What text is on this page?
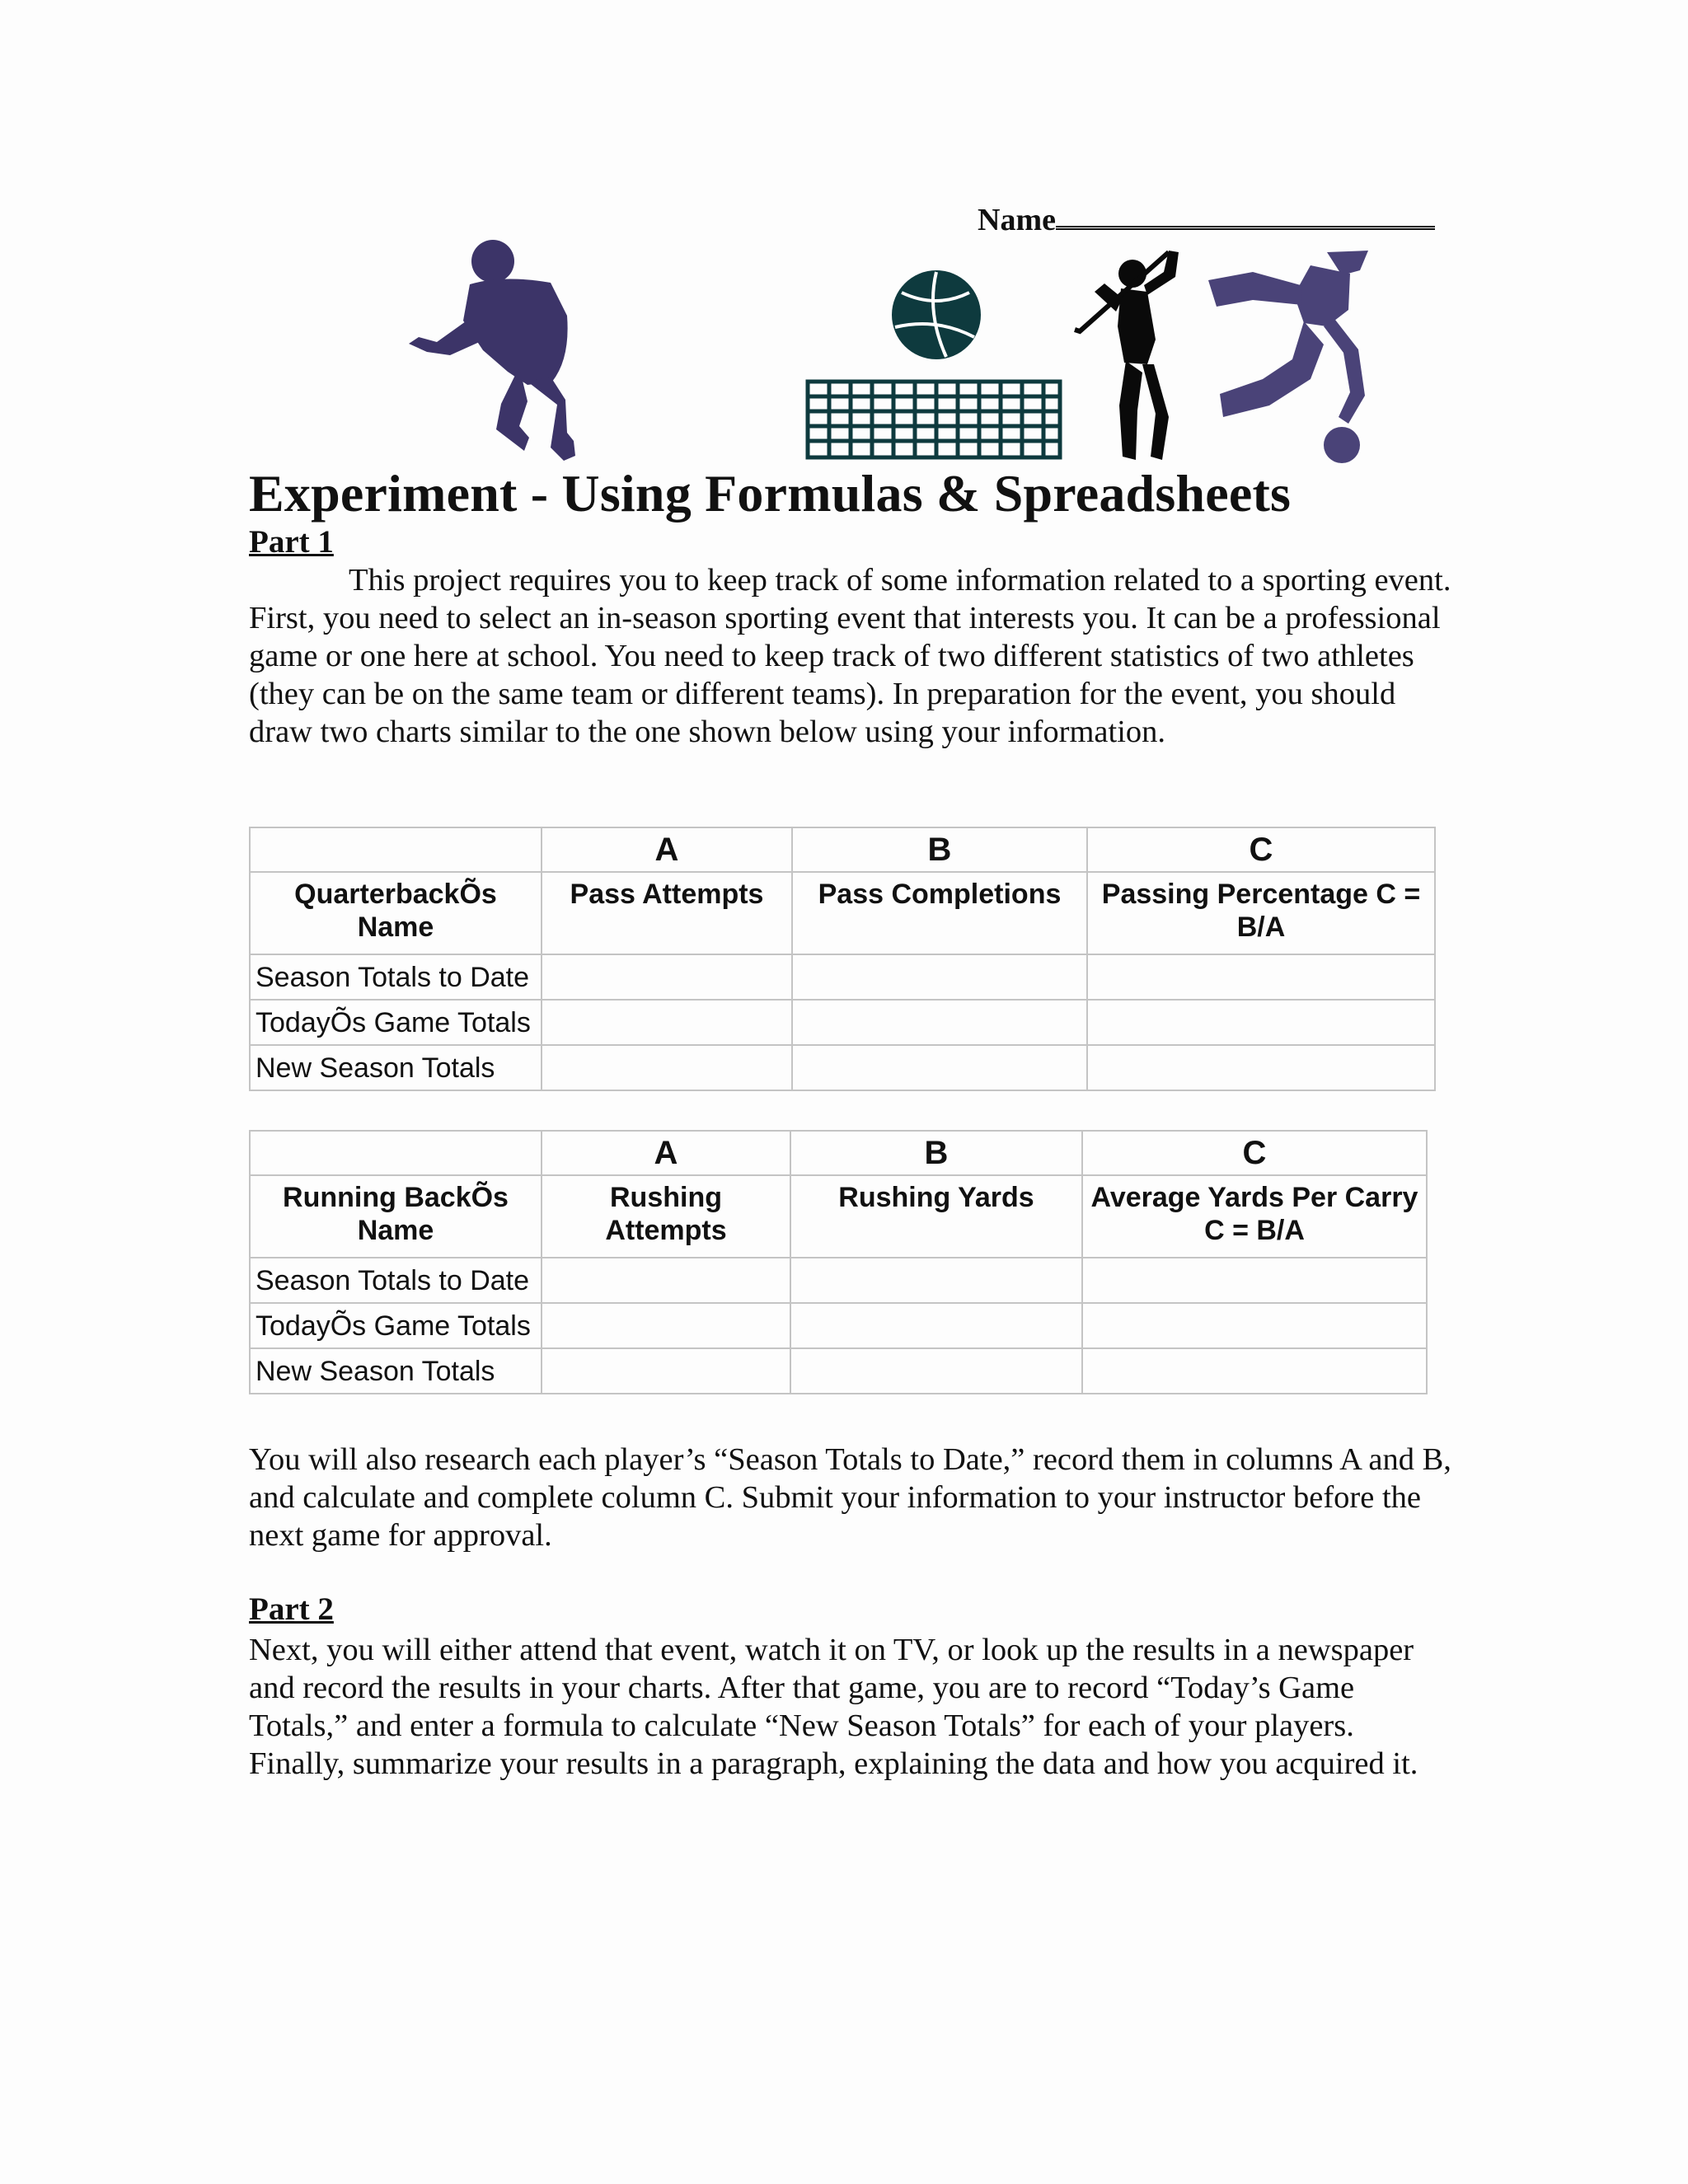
Name
Experiment - Using Formulas & Spreadsheets
Part 1

This project requires you to keep track of some information related to a sporting event. First, you need to select an in-season sporting event that interests you. It can be a professional game or one here at school. You need to keep track of two different statistics of two athletes (they can be on the same team or different teams). In preparation for the event, you should draw two charts similar to the one shown below using your information.

	A	B	C
QuarterbackÕs Name	Pass Attempts	Pass Completions	Passing Percentage C = B/A
Season Totals to Date			
TodayÕs Game Totals			
New Season Totals			
	A	B	C
Running BackÕs Name	Rushing Attempts	Rushing Yards	Average Yards Per Carry C = B/A
Season Totals to Date			
TodayÕs Game Totals			
New Season Totals			

You will also research each player’s “Season Totals to Date,” record them in columns A and B, and calculate and complete column C. Submit your information to your instructor before the next game for approval.

Part 2

Next, you will either attend that event, watch it on TV, or look up the results in a newspaper and record the results in your charts. After that game, you are to record “Today’s Game Totals,” and enter a formula to calculate “New Season Totals” for each of your players. Finally, summarize your results in a paragraph, explaining the data and how you acquired it.
